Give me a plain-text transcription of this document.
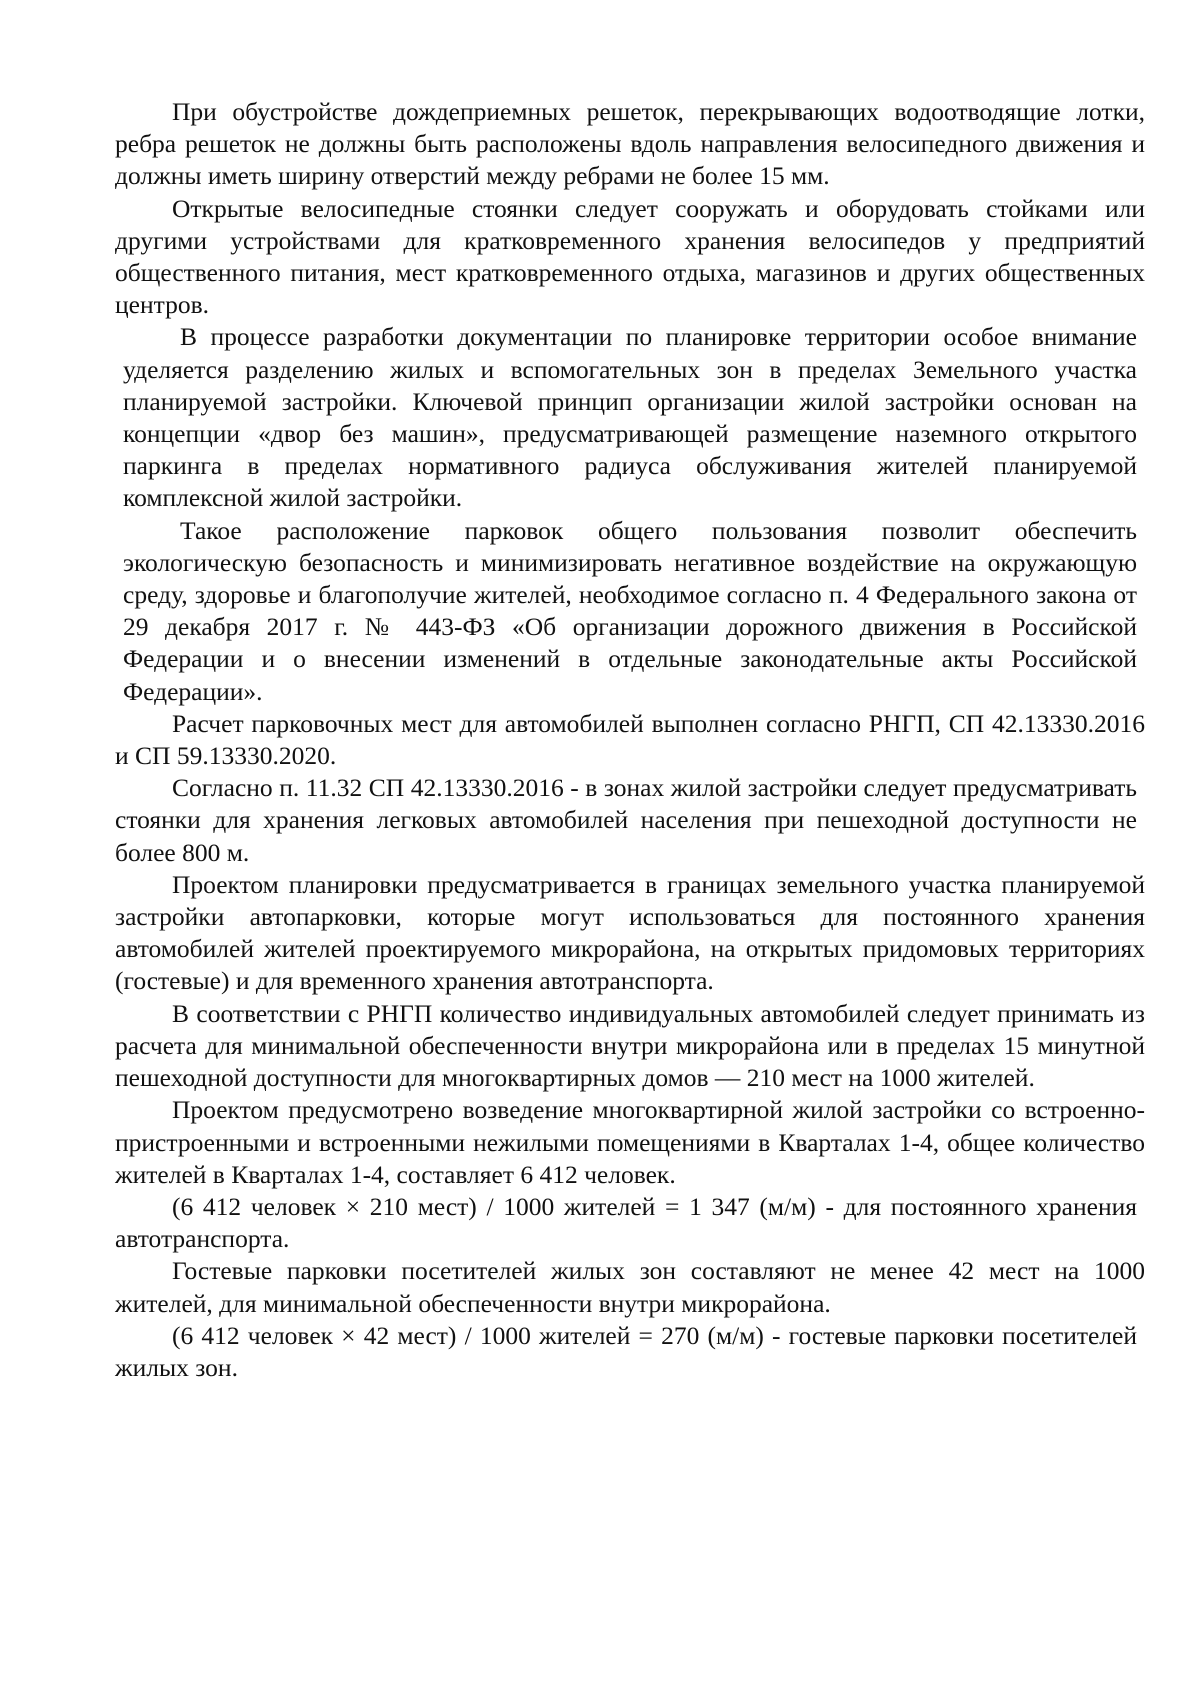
При обустройстве дождеприемных решеток, перекрывающих водоотводящие лотки, ребра решеток не должны быть расположены вдоль направления велосипедного движения и должны иметь ширину отверстий между ребрами не более 15 мм.

Открытые велосипедные стоянки следует сооружать и оборудовать стойками или другими устройствами для кратковременного хранения велосипедов у предприятий общественного питания, мест кратковременного отдыха, магазинов и других общественных центров.

В процессе разработки документации по планировке территории особое внимание уделяется разделению жилых и вспомогательных зон в пределах Земельного участка планируемой застройки. Ключевой принцип организации жилой застройки основан на концепции «двор без машин», предусматривающей размещение наземного открытого паркинга в пределах нормативного радиуса обслуживания жителей планируемой комплексной жилой застройки.

Такое расположение парковок общего пользования позволит обеспечить экологическую безопасность и минимизировать негативное воздействие на окружающую среду, здоровье и благополучие жителей, необходимое согласно п. 4 Федерального закона от 29 декабря 2017 г. № 443-ФЗ «Об организации дорожного движения в Российской Федерации и о внесении изменений в отдельные законодательные акты Российской Федерации».

Расчет парковочных мест для автомобилей выполнен согласно РНГП, СП 42.13330.2016 и СП 59.13330.2020.

Согласно п. 11.32 СП 42.13330.2016 - в зонах жилой застройки следует предусматривать стоянки для хранения легковых автомобилей населения при пешеходной доступности не более 800 м.

Проектом планировки предусматривается в границах земельного участка планируемой застройки автопарковки, которые могут использоваться для постоянного хранения автомобилей жителей проектируемого микрорайона, на открытых придомовых территориях (гостевые) и для временного хранения автотранспорта.

В соответствии с РНГП количество индивидуальных автомобилей следует принимать из расчета для минимальной обеспеченности внутри микрорайона или в пределах 15 минутной пешеходной доступности для многоквартирных домов — 210 мест на 1000 жителей.

Проектом предусмотрено возведение многоквартирной жилой застройки со встроенно-пристроенными и встроенными нежилыми помещениями в Кварталах 1-4, общее количество жителей в Кварталах 1-4, составляет 6 412 человек.

(6 412 человек × 210 мест) / 1000 жителей = 1 347 (м/м) - для постоянного хранения автотранспорта.

Гостевые парковки посетителей жилых зон составляют не менее 42 мест на 1000 жителей, для минимальной обеспеченности внутри микрорайона.

(6 412 человек × 42 мест) / 1000 жителей = 270 (м/м) - гостевые парковки посетителей жилых зон.
